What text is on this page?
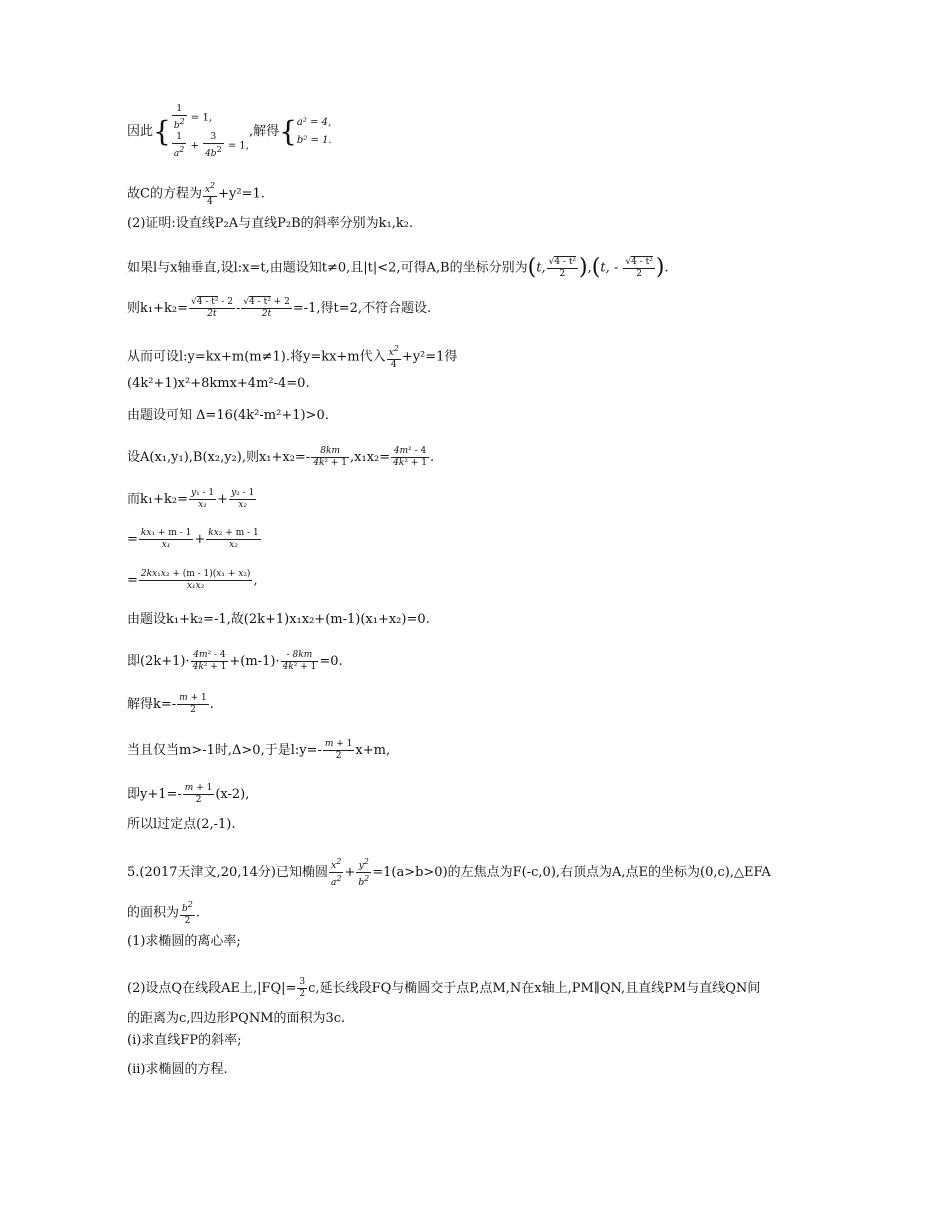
因此{ $\frac{1}{b^2} = 1$,
$\frac{1}{a^2} + \frac{3}{4b^2} = 1$,
,解得{ a² = 4,
b² = 1.
故C的方程为 $\frac{x^2}{4} +y^2=1$.
(2)证明:设直线P₂A与直线P₂B的斜率分别为k₁,k₂.
如果l与x轴垂直,设l:x=t,由题设知t≠0,且|t|<2,可得A,B的坐标分别为(t, $\frac{\text{√4 - t²}}{2} ),(t$, - $\frac{\text{√4 - t²}}{2}$ ).
则$k_1+k_2= \frac{\text{√4 - t² - 2}}{2t} - \frac{\text{√4 - t² + 2}}{2t} =-1$,得t=2,不符合题设.
从而可设l:y=kx+m(m≠1).将y=kx+m代入 $\frac{x^2}{4} +y^2=1$得
(4k²+1)x²+8kmx+4m²-4=0.
由题设可知 Δ=16(4k²-m²+1)>0.
设A(x₁,y₁),B(x₂,y₂),则$x_1+x_2=- \frac{8km}{\text{4k² + 1}} ,x_1x_2= \frac{\text{4m² - 4}}{\text{4k² + 1}}$ .
而$k_1+k_2= \frac{\text{y₁ - 1}}{\text{x₁}} + \frac{\text{y₂ - 1}}{\text{x₂}}$
= $\frac{\text{kx₁ + m - 1}}{\text{x₁}} + \frac{\text{kx₂ + m - 1}}{\text{x₂}}$
= $\frac{\text{2kx₁x₂ + (m - 1)(x₁ + x₂)}}{\text{x₁x₂}}$ ,
由题设k₁+k₂=-1,故(2k+1)x₁x₂+(m-1)(x₁+x₂)=0.
即$(2k+1)\cdot \frac{\text{4m² - 4}}{\text{4k² + 1}} +(m-1)\cdot \frac{- 8km}{\text{4k² + 1}} =0$.
解得$k=- \frac{m + 1}{2}$ .
当且仅当m>-1时,Δ>0,于是l:y=- $\frac{m + 1}{2} x+m$,
即$y+1=- \frac{m + 1}{2} (x-2)$,
所以l过定点(2,-1).
5.(2017天津文,20,14分)已知椭圆 $\frac{x^2}{a^2} + \frac{y^2}{b^2} =1(a>b>0)$的左焦点为F(-c,0),右顶点为A,点E的坐标为(0,c),△EFA
的面积为 $\frac{b^2}{2}$ .
(1)求椭圆的离心率;
(2)设点Q在线段AE上$,|FQ|= \frac{3}{2} c$,延长线段FQ与椭圆交于点P,点M,N在x轴上,PM∥QN,且直线PM与直线QN间
的距离为c,四边形PQNM的面积为3c.
(i)求直线FP的斜率;
(ii)求椭圆的方程.
